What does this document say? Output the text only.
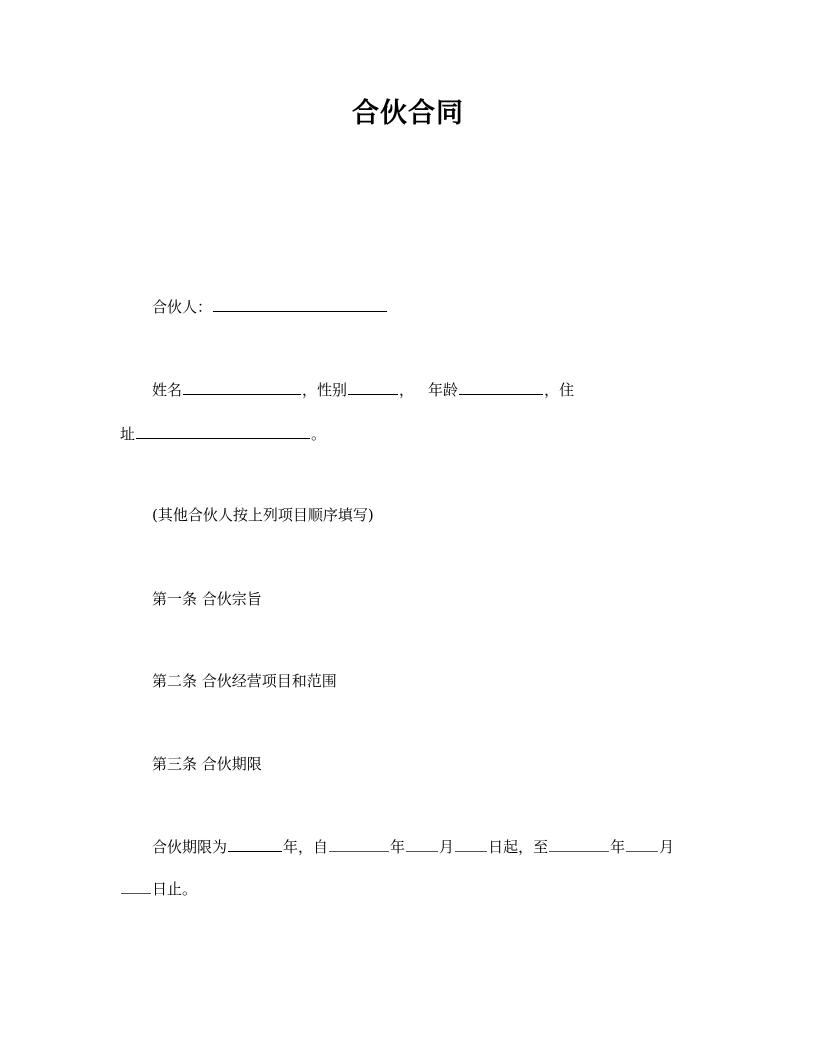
合伙合同
合伙人：
姓名	，性别	， 年龄	，住
址	。
(其他合伙人按上列项目顺序填写)
第一条 合伙宗旨
第二条 合伙经营项目和范围
第三条 合伙期限
合伙期限为	年，自	年 月 日起，至	年 月
日止。
